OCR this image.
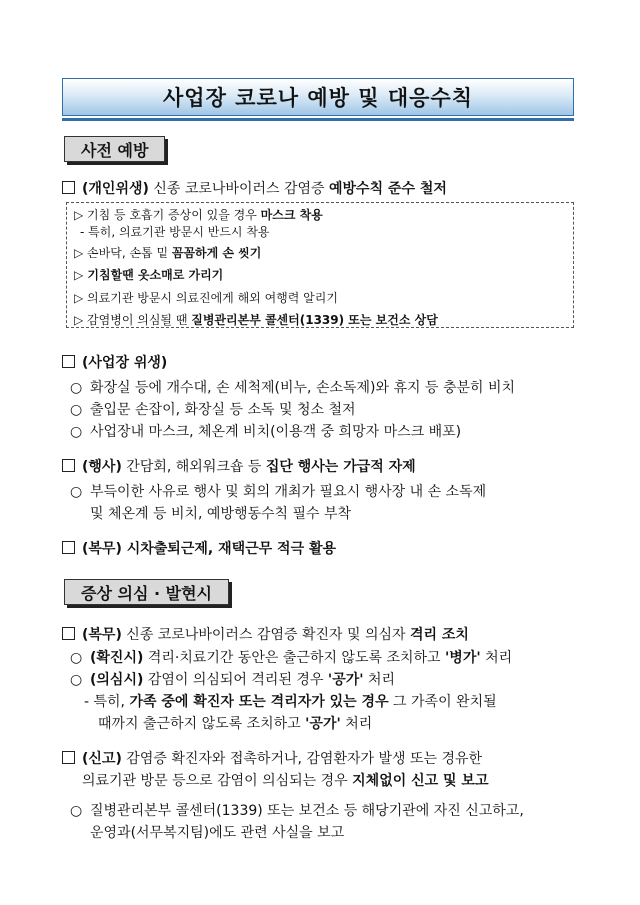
사업장 코로나 예방 및 대응수칙
사전 예방
(개인위생) 신종 코로나바이러스 감염증 예방수칙 준수 철저
▷ 기침 등 호흡기 증상이 있을 경우 마스크 착용
- 특히, 의료기관 방문시 반드시 착용
▷ 손바닥, 손톱 밑 꼼꼼하게 손 씻기
▷ 기침할땐 옷소매로 가리기
▷ 의료기관 방문시 의료진에게 해외 여행력 알리기
▷ 감염병이 의심될 땐 질병관리본부 콜센터(1339) 또는 보건소 상담
(사업장 위생)
○ 화장실 등에 개수대, 손 세척제(비누, 손소독제)와 휴지 등 충분히 비치
○ 출입문 손잡이, 화장실 등 소독 및 청소 철저
○ 사업장내 마스크, 체온계 비치(이용객 중 희망자 마스크 배포)
(행사) 간담회, 해외워크숍 등 집단 행사는 가급적 자제
○ 부득이한 사유로 행사 및 회의 개최가 필요시 행사장 내 손 소독제
및 체온계 등 비치, 예방행동수칙 필수 부착
(복무) 시차출퇴근제, 재택근무 적극 활용
증상 의심 · 발현시
(복무) 신종 코로나바이러스 감염증 확진자 및 의심자 격리 조치
○ (확진시) 격리·치료기간 동안은 출근하지 않도록 조치하고 '병가' 처리
○ (의심시) 감염이 의심되어 격리된 경우 '공가' 처리
- 특히, 가족 중에 확진자 또는 격리자가 있는 경우 그 가족이 완치될
때까지 출근하지 않도록 조치하고 '공가' 처리
(신고) 감염증 확진자와 접촉하거나, 감염환자가 발생 또는 경유한
의료기관 방문 등으로 감염이 의심되는 경우 지체없이 신고 및 보고
○ 질병관리본부 콜센터(1339) 또는 보건소 등 해당기관에 자진 신고하고,
운영과(서무복지팀)에도 관련 사실을 보고
